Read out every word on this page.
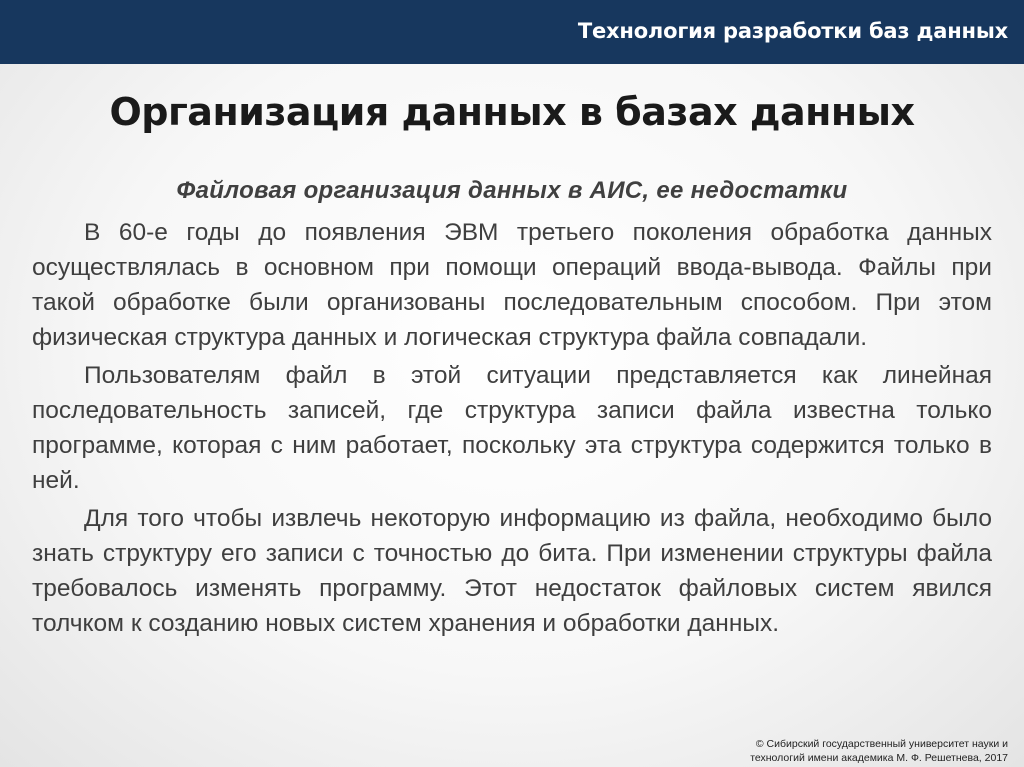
Технология разработки баз данных
Организация данных в базах данных
Файловая организация данных в АИС, ее недостатки

В 60-е годы до появления ЭВМ третьего поколения обработка данных осуществлялась в основном при помощи операций ввода-вывода. Файлы при такой обработке были организованы последовательным способом. При этом физическая структура данных и логическая структура файла совпадали.

Пользователям файл в этой ситуации представляется как линейная последовательность записей, где структура записи файла известна только программе, которая с ним работает, поскольку эта структура содержится только в ней.

Для того чтобы извлечь некоторую информацию из файла, необходимо было знать структуру его записи с точностью до бита. При изменении структуры файла требовалось изменять программу. Этот недостаток файловых систем явился толчком к созданию новых систем хранения и обработки данных.

© Сибирский государственный университет науки и
технологий имени академика М. Ф. Решетнева, 2017
